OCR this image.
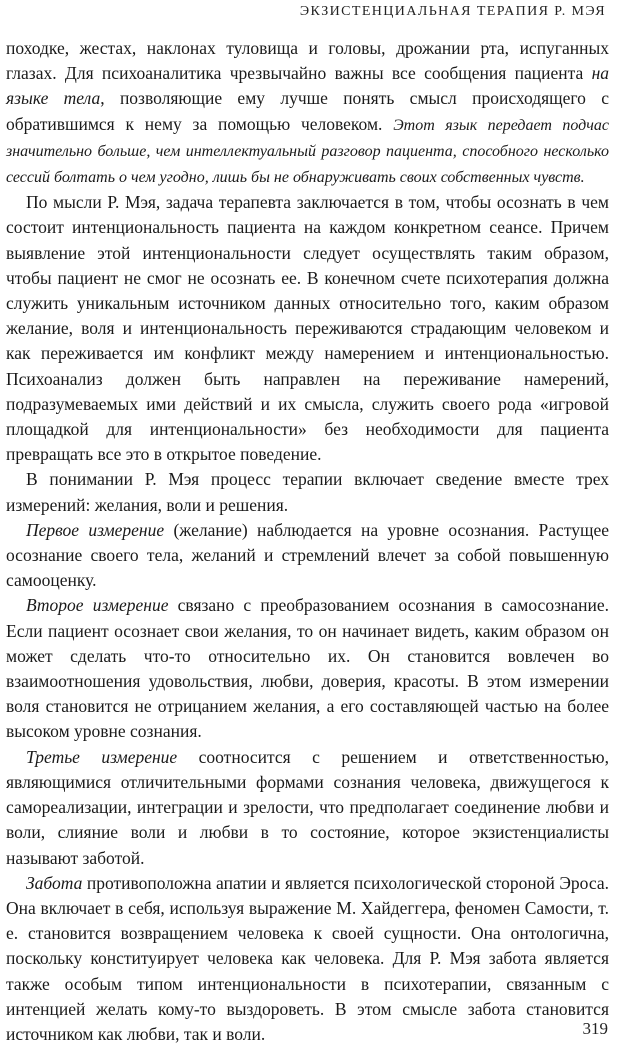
ЭКЗИСТЕНЦИАЛЬНАЯ ТЕРАПИЯ Р. МЭЯ

походке, жестах, наклонах туловища и головы, дрожании рта, испуганных глазах. Для психоаналитика чрезвычайно важны все сообщения пациента на языке тела, позволяющие ему лучше понять смысл происходящего с обратившимся к нему за помощью человеком. Этот язык передает подчас значительно больше, чем интеллектуальный разговор пациента, способного несколько сессий болтать о чем угодно, лишь бы не обнаруживать своих собственных чувств.

По мысли Р. Мэя, задача терапевта заключается в том, чтобы осознать в чем состоит интенциональность пациента на каждом конкретном сеансе. Причем выявление этой интенциональности следует осуществлять таким образом, чтобы пациент не смог не осознать ее. В конечном счете психотерапия должна служить уникальным источником данных относительно того, каким образом желание, воля и интенциональность переживаются страдающим человеком и как переживается им конфликт между намерением и интенциональностью. Психоанализ должен быть направлен на переживание намерений, подразумеваемых ими действий и их смысла, служить своего рода «игровой площадкой для интенциональности» без необходимости для пациента превращать все это в открытое поведение.

В понимании Р. Мэя процесс терапии включает сведение вместе трех измерений: желания, воли и решения.

Первое измерение (желание) наблюдается на уровне осознания. Растущее осознание своего тела, желаний и стремлений влечет за собой повышенную самооценку.

Второе измерение связано с преобразованием осознания в самосознание. Если пациент осознает свои желания, то он начинает видеть, каким образом он может сделать что-то относительно их. Он становится вовлечен во взаимоотношения удовольствия, любви, доверия, красоты. В этом измерении воля становится не отрицанием желания, а его составляющей частью на более высоком уровне сознания.

Третье измерение соотносится с решением и ответственностью, являющимися отличительными формами сознания человека, движущегося к самореализации, интеграции и зрелости, что предполагает соединение любви и воли, слияние воли и любви в то состояние, которое экзистенциалисты называют заботой.

Забота противоположна апатии и является психологической стороной Эроса. Она включает в себя, используя выражение М. Хайдеггера, феномен Самости, т. е. становится возвращением человека к своей сущности. Она онтологична, поскольку конституирует человека как человека. Для Р. Мэя забота является также особым типом интенциональности в психотерапии, связанным с интенцией желать кому-то выздороветь. В этом смысле забота становится источником как любви, так и воли.	319
